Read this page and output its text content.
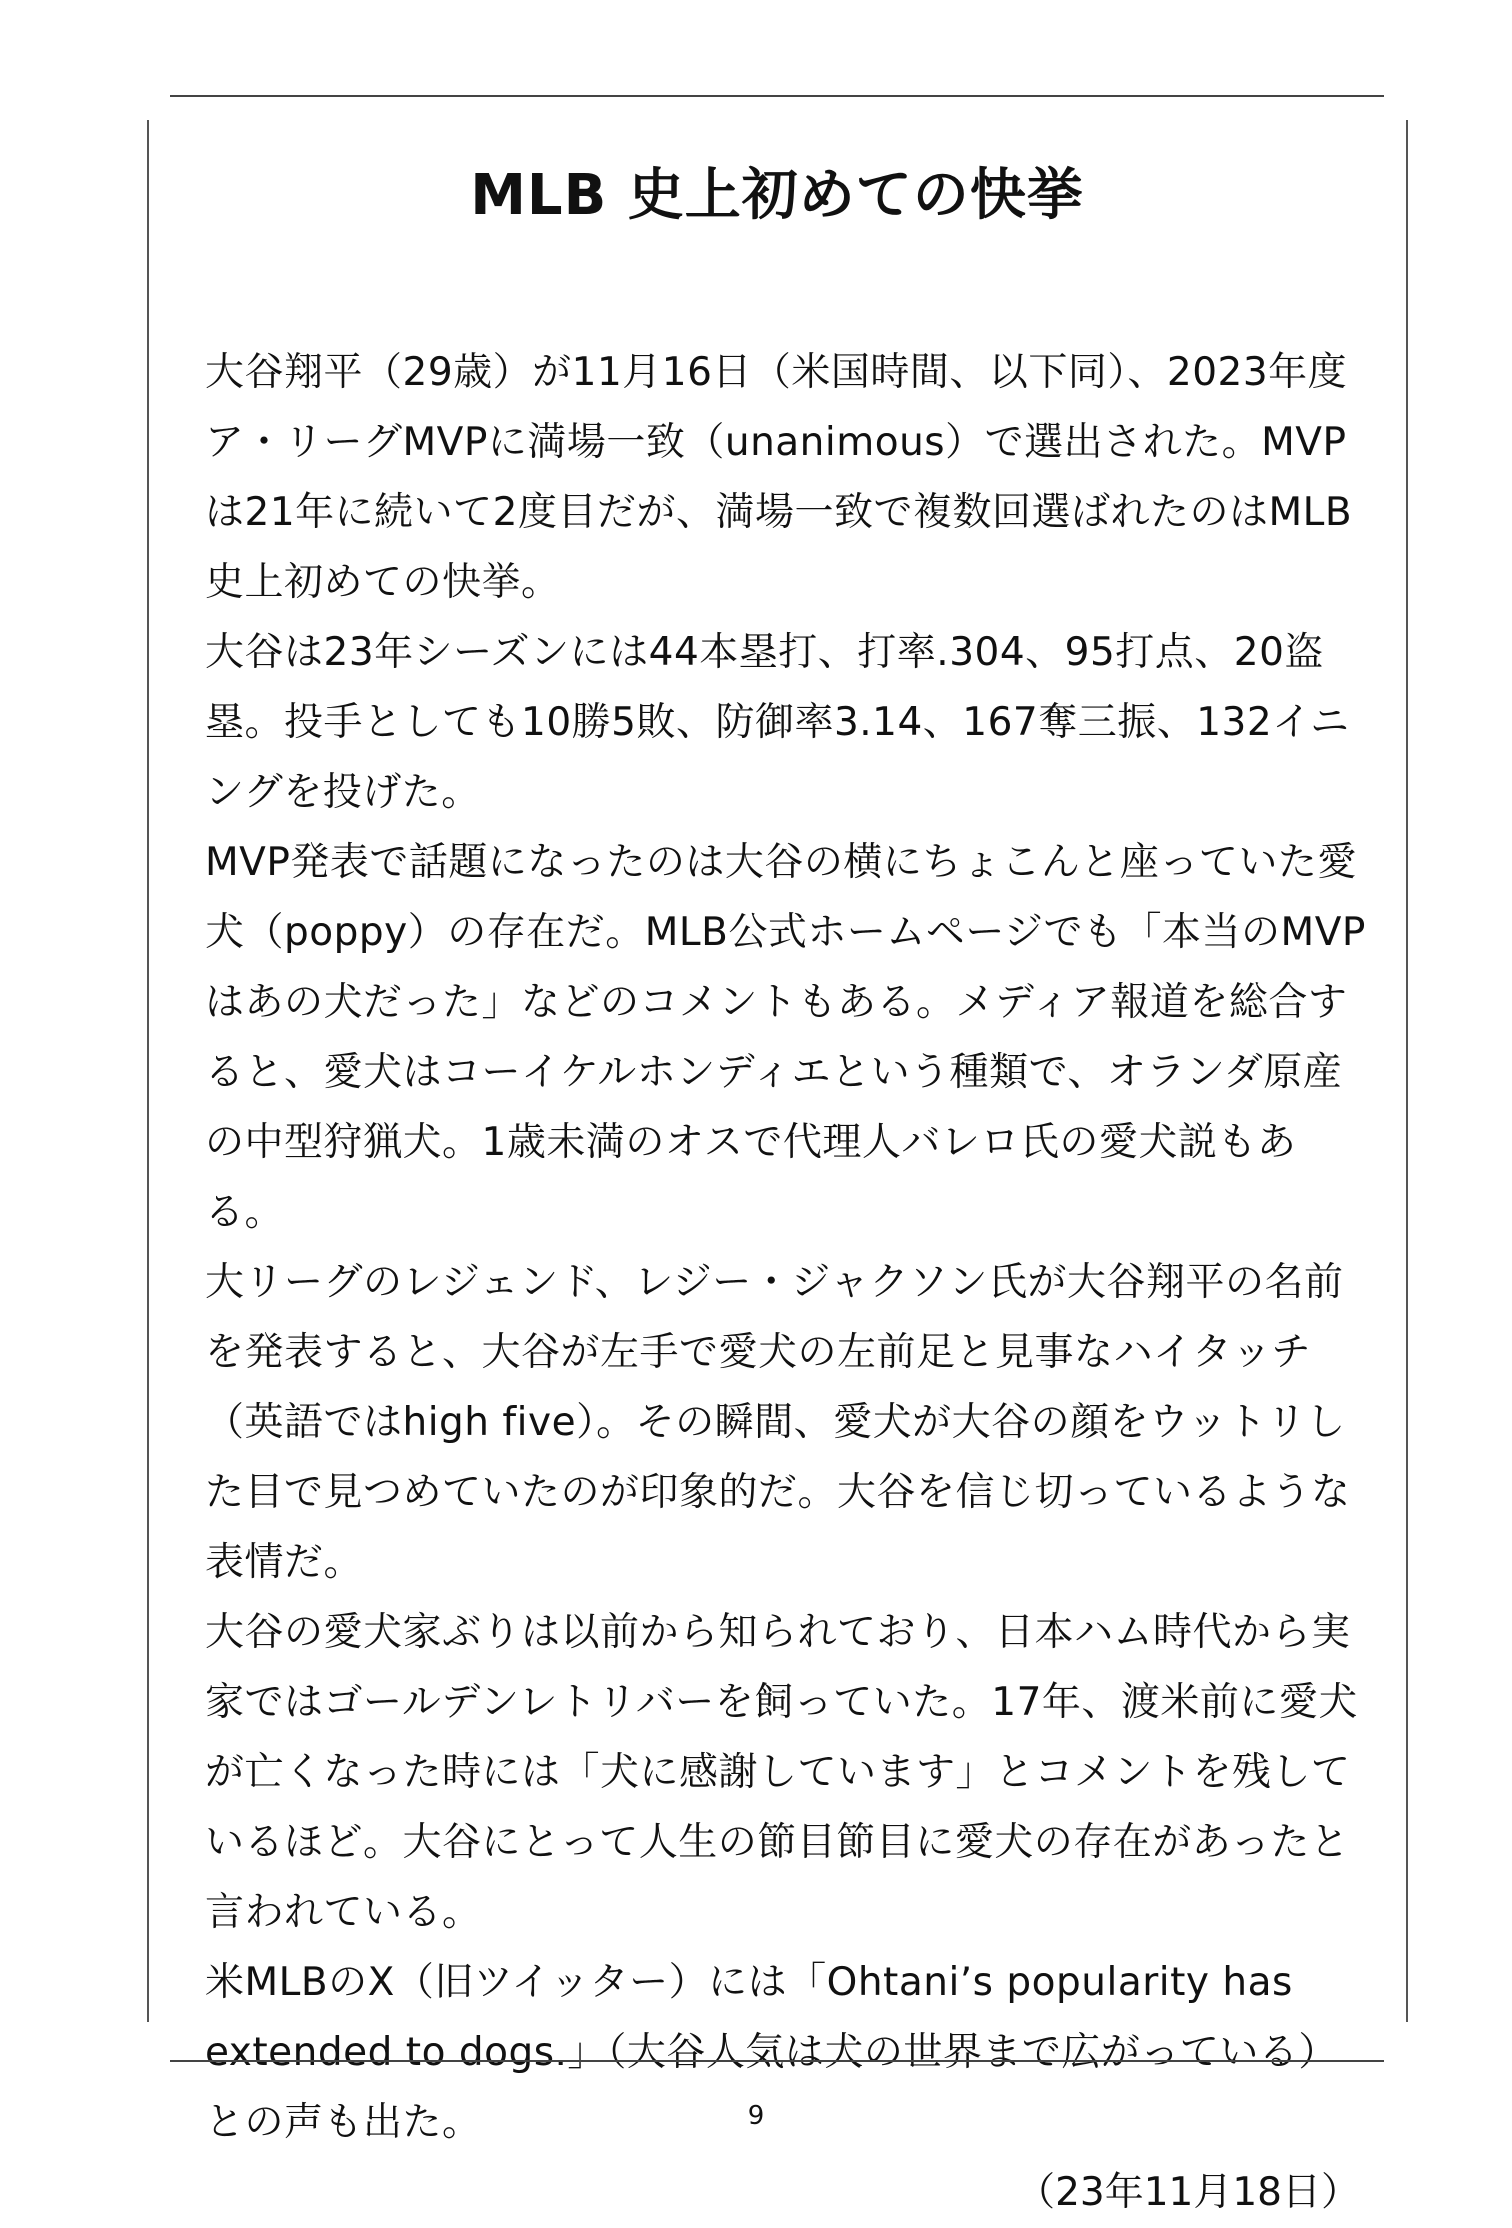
MLB 史上初めての快挙

大谷翔平（29歳）が11月16日（米国時間、以下同）、2023年度ア・リーグMVPに満場一致（unanimous）で選出された。MVPは21年に続いて2度目だが、満場一致で複数回選ばれたのはMLB史上初めての快挙。

大谷は23年シーズンには44本塁打、打率.304、95打点、20盗塁。投手としても10勝5敗、防御率3.14、167奪三振、132イニングを投げた。

MVP発表で話題になったのは大谷の横にちょこんと座っていた愛犬（poppy）の存在だ。MLB公式ホームページでも「本当のMVPはあの犬だった」などのコメントもある。メディア報道を総合すると、愛犬はコーイケルホンディエという種類で、オランダ原産の中型狩猟犬。1歳未満のオスで代理人バレロ氏の愛犬説もある。

大リーグのレジェンド、レジー・ジャクソン氏が大谷翔平の名前を発表すると、大谷が左手で愛犬の左前足と見事なハイタッチ（英語ではhigh five）。その瞬間、愛犬が大谷の顔をウットリした目で見つめていたのが印象的だ。大谷を信じ切っているような表情だ。

大谷の愛犬家ぶりは以前から知られており、日本ハム時代から実家ではゴールデンレトリバーを飼っていた。17年、渡米前に愛犬が亡くなった時には「犬に感謝しています」とコメントを残しているほど。大谷にとって人生の節目節目に愛犬の存在があったと言われている。

米MLBのX（旧ツイッター）には「Ohtani’s popularity has extended to dogs.」（大谷人気は犬の世界まで広がっている）との声も出た。

（23年11月18日）

9
